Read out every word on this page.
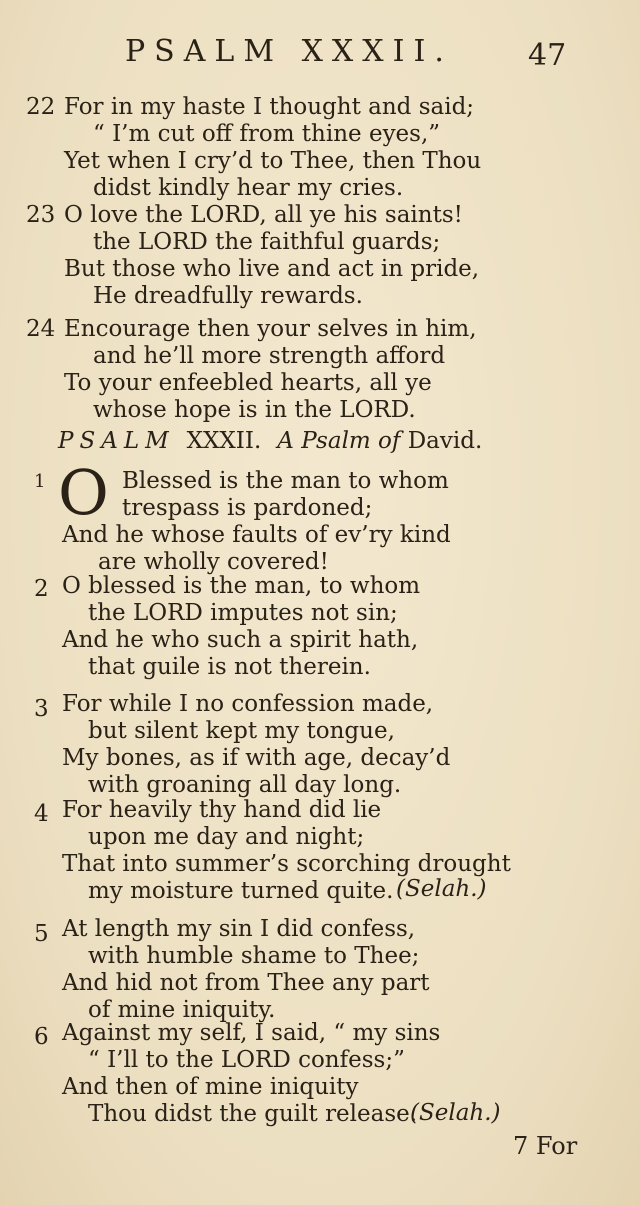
PSALM XXXII.	47
22 For in my haste I thought and said;
“ I’m cut off from thine eyes,”
Yet when I cry’d to Thee, then Thou
didst kindly hear my cries.
23 O love the LORD, all ye his saints!
the LORD the faithful guards;
But those who live and act in pride,
He dreadfully rewards.
24 Encourage then your selves in him,
and he’ll more strength afford
To your enfeebled hearts, all ye
whose hope is in the LORD.
PSALM XXXII. A Psalm of David.
1 O Blessed is the man to whom
trespass is pardoned;
And he whose faults of ev’ry kind
are wholly covered!
2 O blessed is the man, to whom
the LORD imputes not sin;
And he who such a spirit hath,
that guile is not therein.
3 For while I no confession made,
but silent kept my tongue,
My bones, as if with age, decay’d
with groaning all day long.
4 For heavily thy hand did lie
upon me day and night;
That into summer’s scorching drought
my moisture turned quite. (Selah.)
5 At length my sin I did confess,
with humble shame to Thee;
And hid not from Thee any part
of mine iniquity.
6 Against my self, I said, “ my sins
“ I’ll to the LORD confess;”
And then of mine iniquity
Thou didst the guilt release.
(Selah.)
7 For
